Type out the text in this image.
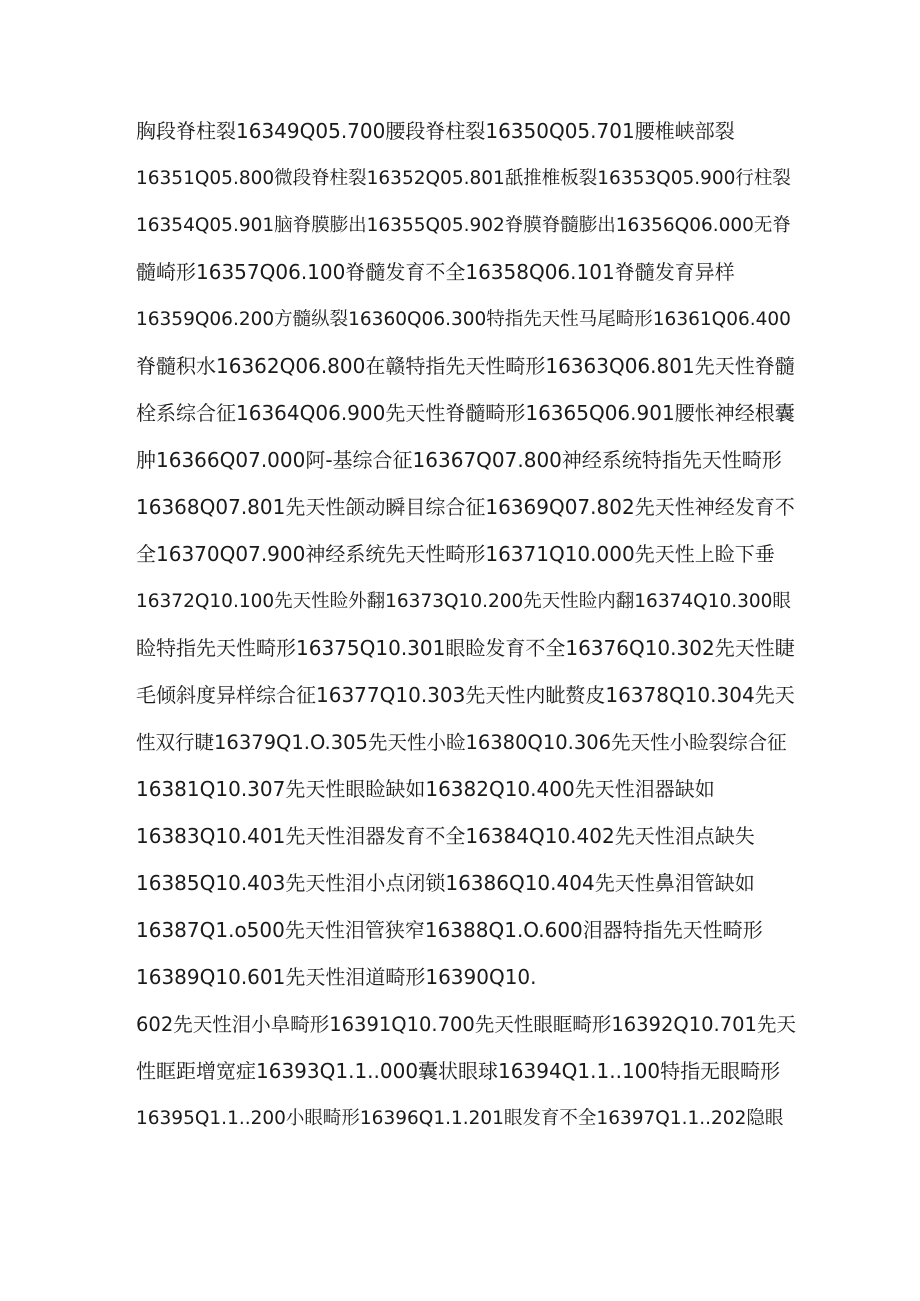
胸段脊柱裂16349Q05.700腰段脊柱裂16350Q05.701腰椎峡部裂
16351Q05.800微段脊柱裂16352Q05.801舐推椎板裂16353Q05.900行柱裂
16354Q05.901脑脊膜膨出16355Q05.902脊膜脊髓膨出16356Q06.000无脊
髓崎形16357Q06.100脊髓发育不全16358Q06.101脊髓发育异样
16359Q06.200方髓纵裂16360Q06.300特指先天性马尾畸形16361Q06.400
脊髓积水16362Q06.800在赣特指先天性畸形16363Q06.801先天性脊髓
栓系综合征16364Q06.900先天性脊髓畸形16365Q06.901腰怅神经根囊
肿16366Q07.000阿-基综合征16367Q07.800神经系统特指先天性畸形
16368Q07.801先天性颌动瞬目综合征16369Q07.802先天性神经发育不
全16370Q07.900神经系统先天性畸形16371Q10.000先天性上睑下垂
16372Q10.100先天性睑外翻16373Q10.200先天性睑内翻16374Q10.300眼
睑特指先天性畸形16375Q10.301眼睑发育不全16376Q10.302先天性睫
毛倾斜度异样综合征16377Q10.303先天性内眦赘皮16378Q10.304先天
性双行睫16379Q1.O.305先天性小睑16380Q10.306先天性小睑裂综合征
16381Q10.307先天性眼睑缺如16382Q10.400先天性泪器缺如
16383Q10.401先天性泪器发育不全16384Q10.402先天性泪点缺失
16385Q10.403先天性泪小点闭锁16386Q10.404先天性鼻泪管缺如
16387Q1.o500先天性泪管狭窄16388Q1.O.600泪器特指先天性畸形
16389Q10.601先天性泪道畸形16390Q10.
602先天性泪小阜畸形16391Q10.700先天性眼眶畸形16392Q10.701先天
性眶距增宽症16393Q1.1..000囊状眼球16394Q1.1..100特指无眼畸形
16395Q1.1..200小眼畸形16396Q1.1.201眼发育不全16397Q1.1..202隐眼
